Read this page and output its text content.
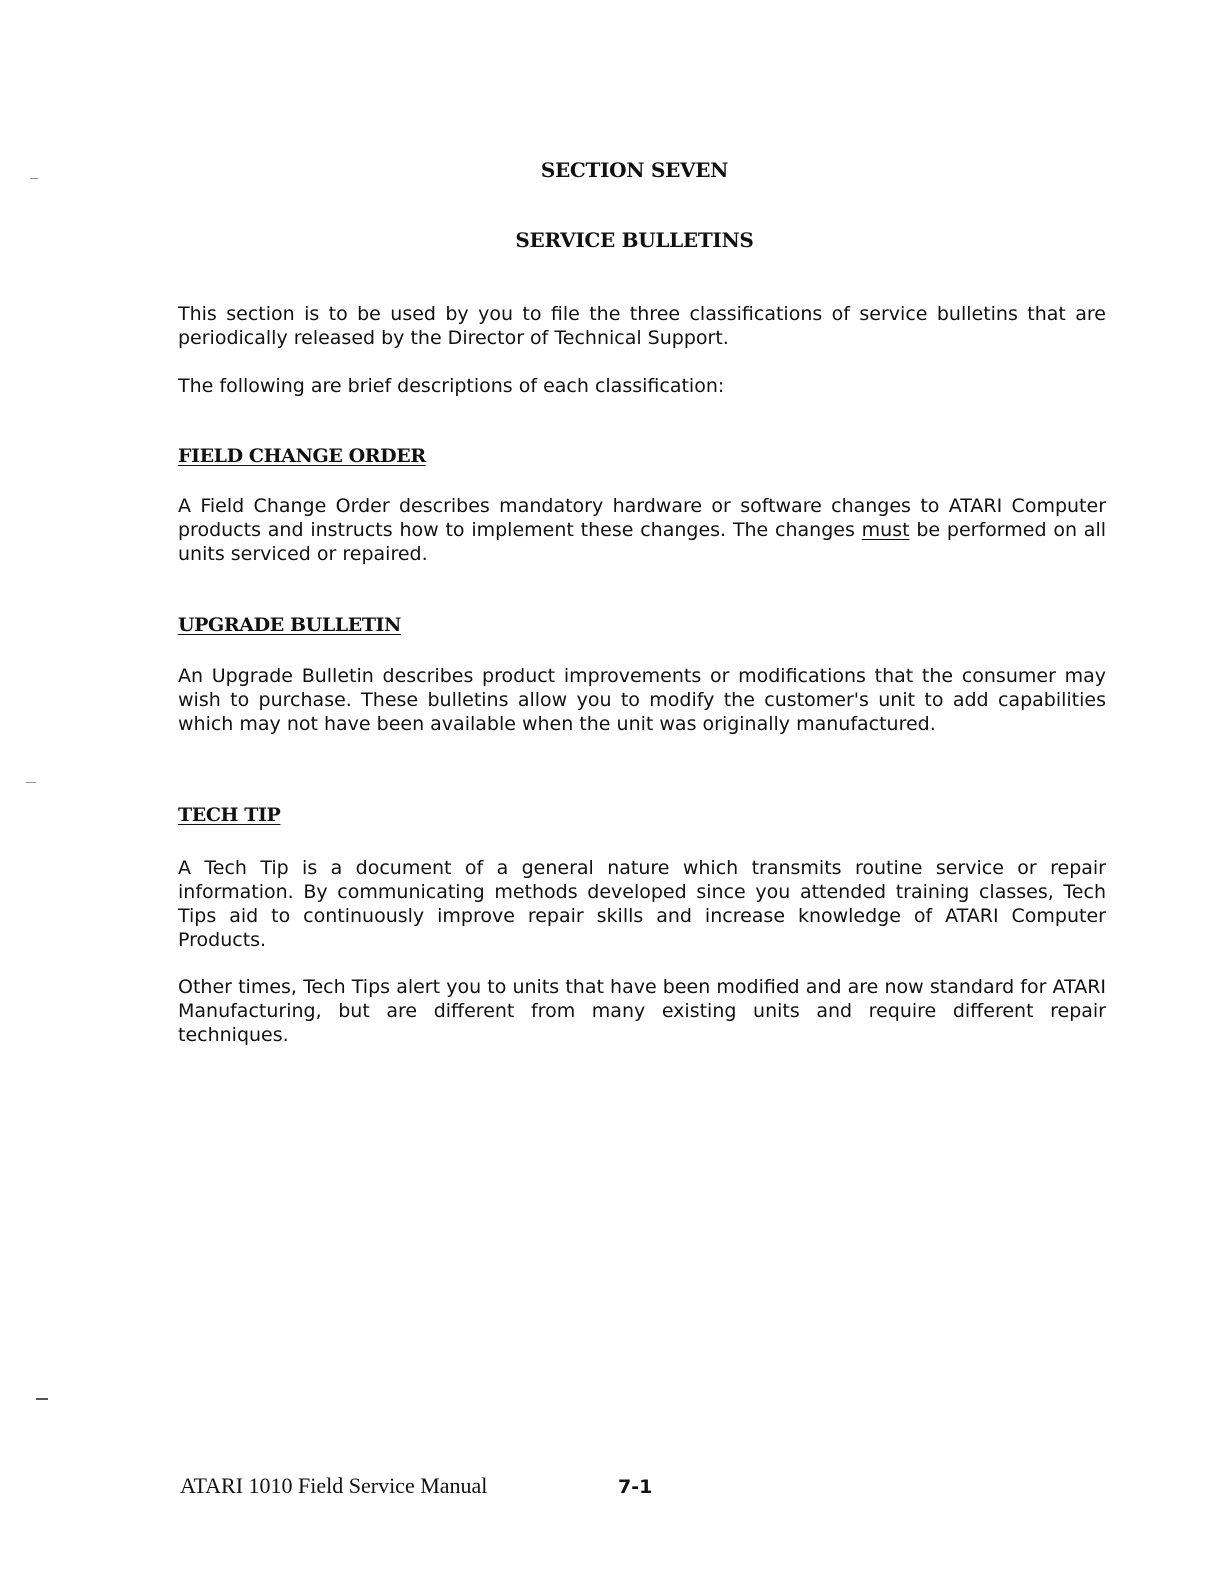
SECTION SEVEN
SERVICE BULLETINS

This section is to be used by you to file the three classifications of service bulletins that are periodically released by the Director of Technical Support.

The following are brief descriptions of each classification:

FIELD CHANGE ORDER

A Field Change Order describes mandatory hardware or software changes to ATARI Computer products and instructs how to implement these changes. The changes must be performed on all units serviced or repaired.

UPGRADE BULLETIN

An Upgrade Bulletin describes product improvements or modifications that the consumer may wish to purchase. These bulletins allow you to modify the customer's unit to add capabilities which may not have been available when the unit was originally manufactured.

TECH TIP

A Tech Tip is a document of a general nature which transmits routine service or repair information. By communicating methods developed since you attended training classes, Tech Tips aid to continuously improve repair skills and increase knowledge of ATARI Computer Products.

Other times, Tech Tips alert you to units that have been modified and are now standard for ATARI Manufacturing, but are different from many existing units and require different repair techniques.

ATARI 1010 Field Service Manual	7-1
